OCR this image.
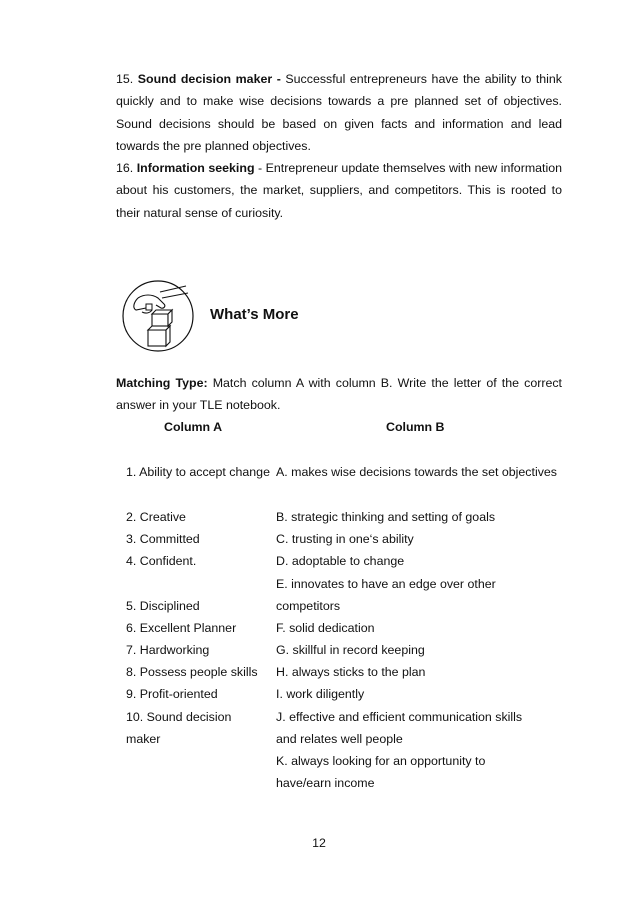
15. Sound decision maker - Successful entrepreneurs have the ability to think quickly and to make wise decisions towards a pre planned set of objectives. Sound decisions should be based on given facts and information and lead towards the pre planned objectives.

16. Information seeking - Entrepreneur update themselves with new information about his customers, the market, suppliers, and competitors. This is rooted to their natural sense of curiosity.

What’s More

Matching Type: Match column A with column B. Write the letter of the correct answer in your TLE notebook.

Column A	Column B

1. Ability to accept change

2. Creative

3. Committed

4. Confident.

5. Disciplined

6. Excellent Planner

7. Hardworking

8. Possess people skills

9. Profit-oriented

10. Sound decision maker

A. makes wise decisions towards the set objectives

B. strategic thinking and setting of goals

C. trusting in one‘s ability

D. adoptable to change

E. innovates to have an edge over other competitors

F. solid dedication

G. skillful in record keeping

H. always sticks to the plan

I. work diligently

J. effective and efficient communication skills and relates well people

K. always looking for an opportunity to have/earn income

12
